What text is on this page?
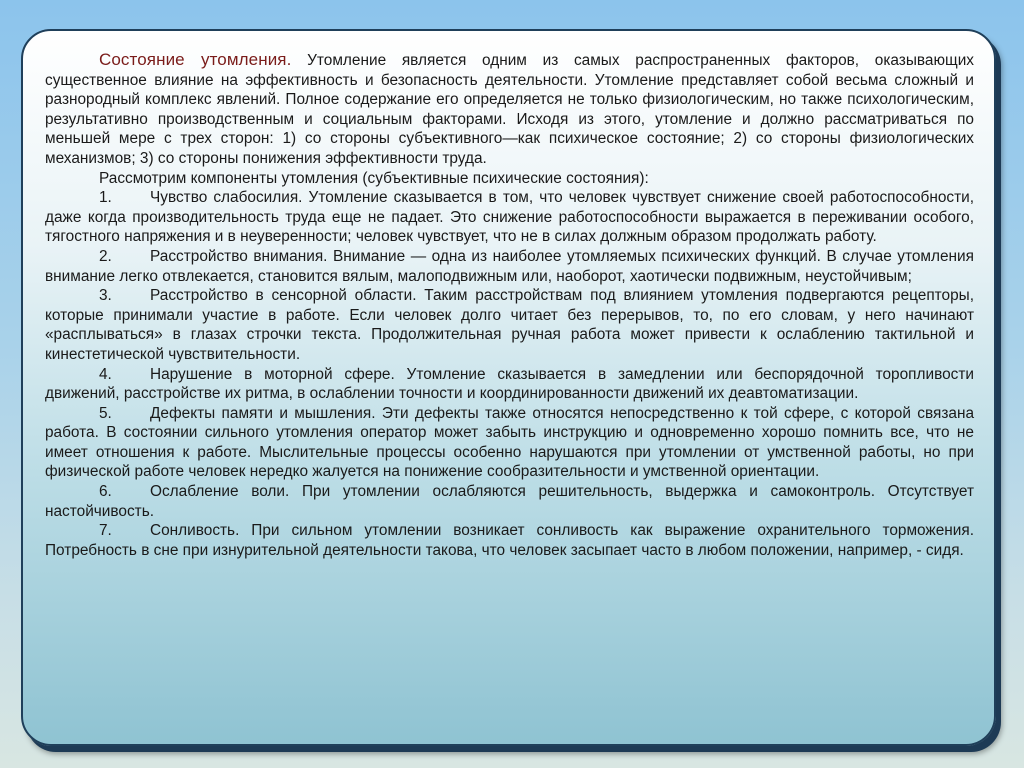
Состояние утомления. Утомление является одним из самых распространенных факторов, оказывающих существенное влияние на эффективность и безопасность деятельности. Утомление представляет собой весьма сложный и разнородный комплекс явлений. Полное содержание его определяется не только физиологическим, но также психологическим, результативно производственным и социальным факторами. Исходя из этого, утомление и должно рассматриваться по меньшей мере с трех сторон: 1) со стороны субъективного—как психическое состояние; 2) со стороны физиологических механизмов; 3) со стороны понижения эффективности труда.

Рассмотрим компоненты утомления (субъективные психические состояния):

1. Чувство слабосилия. Утомление сказывается в том, что человек чувствует снижение своей работоспособности, даже когда производительность труда еще не падает. Это снижение работоспособности выражается в переживании особого, тягостного напряжения и в неуверенности; человек чувствует, что не в силах должным образом продолжать работу.

2. Расстройство внимания. Внимание — одна из наиболее утомляемых психических функций. В случае утомления внимание легко отвлекается, становится вялым, малоподвижным или, наоборот, хаотически подвижным, неустойчивым;

3. Расстройство в сенсорной области. Таким расстройствам под влиянием утомления подвергаются рецепторы, которые принимали участие в работе. Если человек долго читает без перерывов, то, по его словам, у него начинают «расплываться» в глазах строчки текста. Продолжительная ручная работа может привести к ослаблению тактильной и кинестетической чувствительности.

4. Нарушение в моторной сфере. Утомление сказывается в замедлении или беспорядочной торопливости движений, расстройстве их ритма, в ослаблении точности и координированности движений их деавтоматизации.

5. Дефекты памяти и мышления. Эти дефекты также относятся непосредственно к той сфере, с которой связана работа. В состоянии сильного утомления оператор может забыть инструкцию и одновременно хорошо помнить все, что не имеет отношения к работе. Мыслительные процессы особенно нарушаются при утомлении от умственной работы, но при физической работе человек нередко жалуется на понижение сообразительности и умственной ориентации.

6. Ослабление воли. При утомлении ослабляются решительность, выдержка и самоконтроль. Отсутствует настойчивость.

7. Сонливость. При сильном утомлении возникает сонливость как выражение охранительного торможения. Потребность в сне при изнурительной деятельности такова, что человек засыпает часто в любом положении, например, - сидя.
